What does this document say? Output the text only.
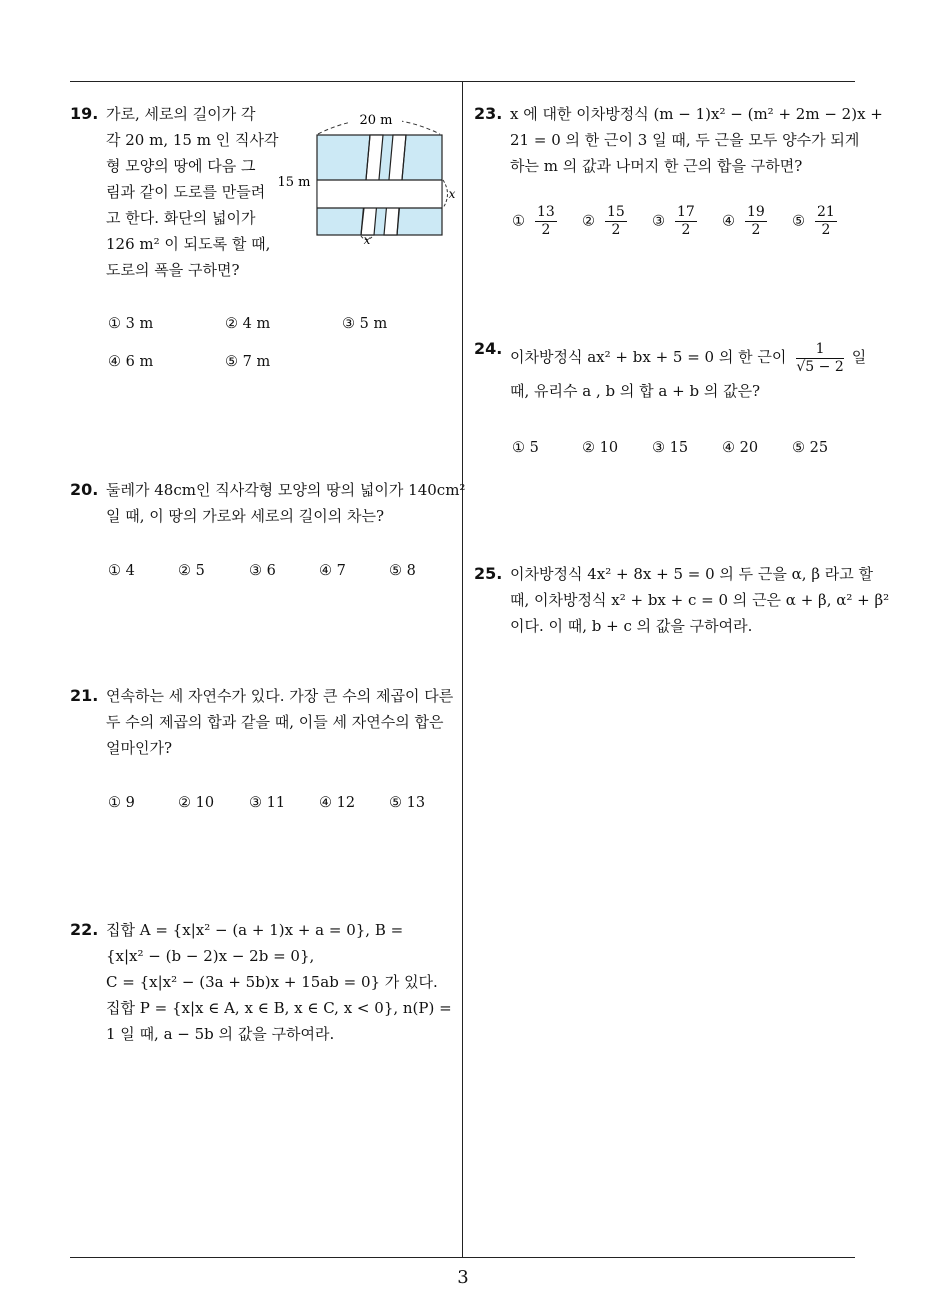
19. 가로, 세로의 길이가 각
각 20 m, 15 m 인 직사각
형 모양의 땅에 다음 그
림과 같이 도로를 만들려
고 한다. 화단의 넓이가
126 m² 이 되도록 할 때,
도로의 폭을 구하면?
20 m
15 m
x
x
① 3 m	② 4 m	③ 5 m
④ 6 m	⑤ 7 m
20. 둘레가 48cm인 직사각형 모양의 땅의 넓이가 140cm²
일 때, 이 땅의 가로와 세로의 길이의 차는?
① 4	② 5	③ 6	④ 7	⑤ 8
21. 연속하는 세 자연수가 있다. 가장 큰 수의 제곱이 다른
두 수의 제곱의 합과 같을 때, 이들 세 자연수의 합은
얼마인가?
① 9	② 10 ③ 11 ④ 12 ⑤ 13
22. 집합 A = {x|x² − (a + 1)x + a = 0}, B =
{x|x² − (b − 2)x − 2b = 0},
C = {x|x² − (3a + 5b)x + 15ab = 0} 가 있다.
집합 P = {x|x ∈ A, x ∈ B, x ∈ C, x < 0}, n(P) =
1 일 때, a − 5b 의 값을 구하여라.
23. x 에 대한 이차방정식 (m − 1)x² − (m² + 2m − 2)x +
21 = 0 의 한 근이 3 일 때, 두 근을 모두 양수가 되게
하는 m 의 값과 나머지 한 근의 합을 구하면?
① $\frac{13}{2}$ ② $\frac{15}{2}$ ③ $\frac{17}{2}$ ④ $\frac{19}{2}$ ⑤ $\frac{21}{2}$
24. 이차방정식 ax² + bx + 5 = 0 의 한 근이 $\frac{1}{√5 - 2}$ 일
때, 유리수 a , b 의 합 a + b 의 값은?
① 5	② 10 ③ 15 ④ 20 ⑤ 25
25. 이차방정식 4x² + 8x + 5 = 0 의 두 근을 α, β 라고 할
때, 이차방정식 x² + bx + c = 0 의 근은 α + β, α² + β²
이다. 이 때, b + c 의 값을 구하여라.
3
